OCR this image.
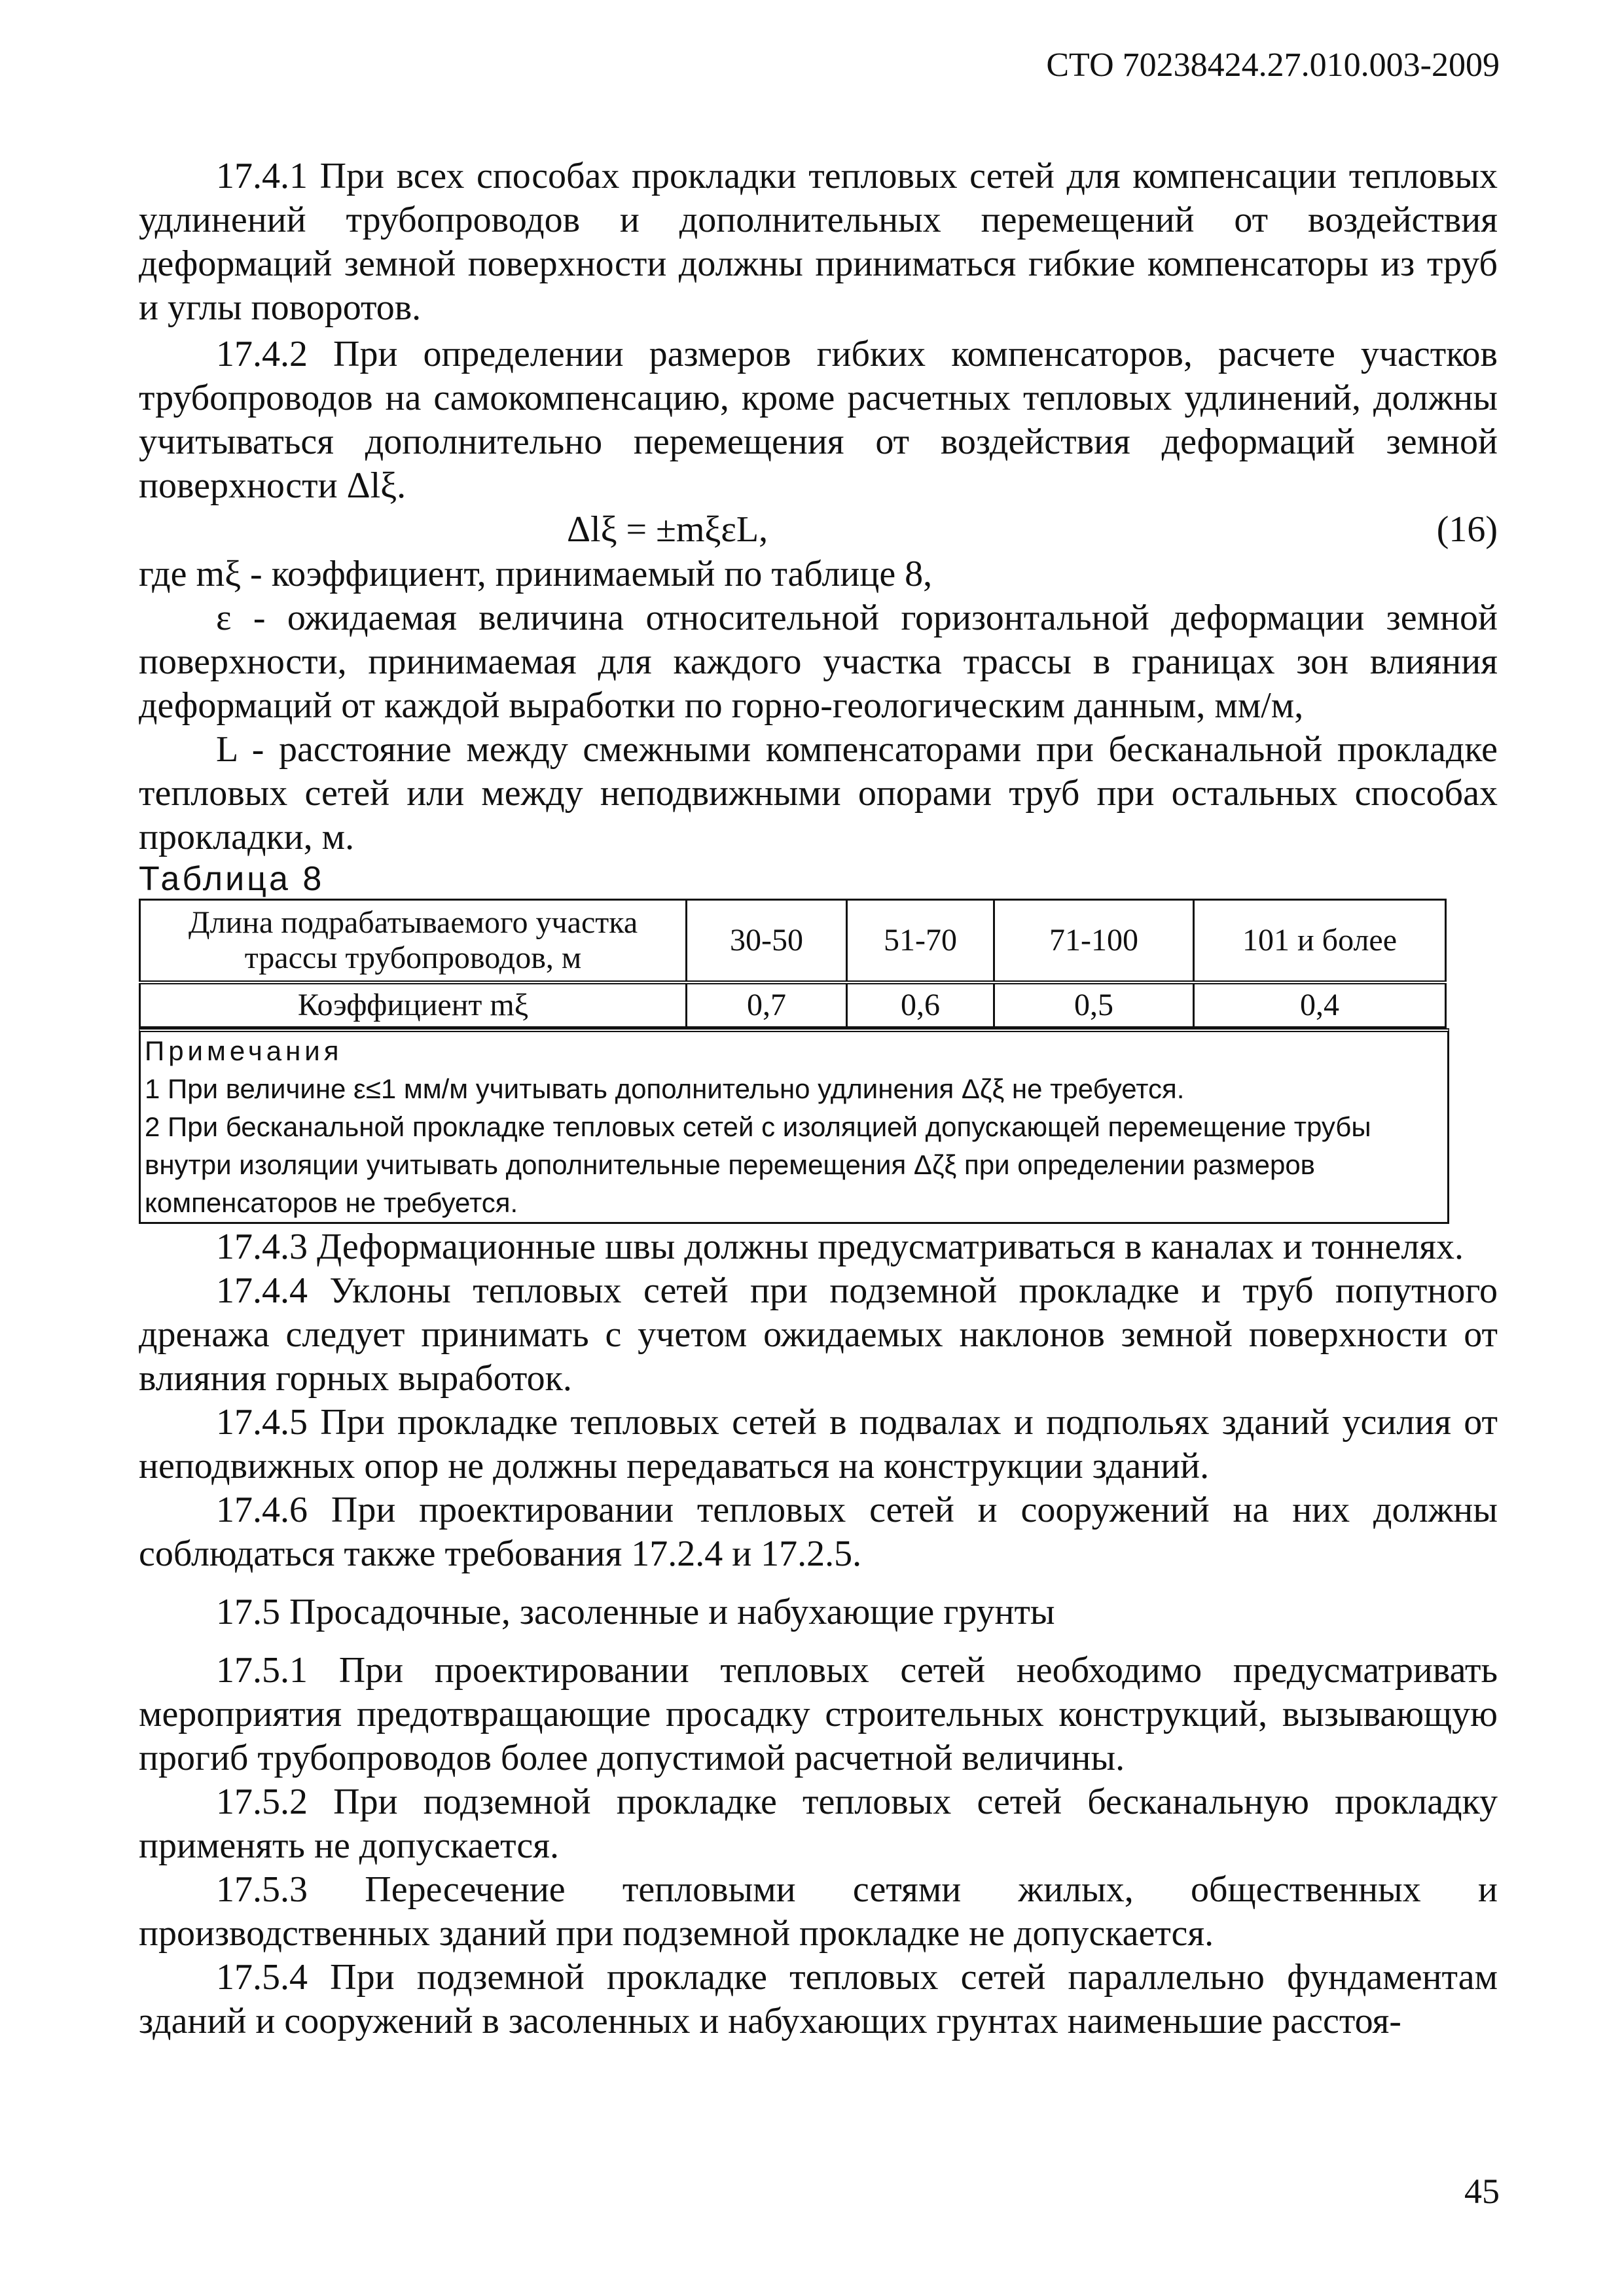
СТО 70238424.27.010.003-2009

17.4.1 При всех способах прокладки тепловых сетей для компенсации тепловых удлинений трубопроводов и дополнительных перемещений от воздействия деформаций земной поверхности должны приниматься гибкие компенсаторы из труб и углы поворотов.

17.4.2 При определении размеров гибких компенсаторов, расчете участков трубопроводов на самокомпенсацию, кроме расчетных тепловых удлинений, должны учитываться дополнительно перемещения от воздействия деформаций земной поверхности Δlξ.

Δlξ = ±mξεL,	(16)

где mξ - коэффициент, принимаемый по таблице 8,

ε - ожидаемая величина относительной горизонтальной деформации земной поверхности, принимаемая для каждого участка трассы в границах зон влияния деформаций от каждой выработки по горно-геологическим данным, мм/м,

L - расстояние между смежными компенсаторами при бесканальной прокладке тепловых сетей или между неподвижными опорами труб при остальных способах прокладки, м.

Таблица 8
Длина подрабатываемого участка трассы трубопроводов, м	30-50	51-70	71-100	101 и более
Коэффициент mξ	0,7	0,6	0,5	0,4
Примечания
1 При величине ε≤1 мм/м учитывать дополнительно удлинения Δζξ не требуется.
2 При бесканальной прокладке тепловых сетей с изоляцией допускающей перемещение трубы внутри изоляции учитывать дополнительные перемещения Δζξ при определении размеров компенсаторов не требуется.

17.4.3 Деформационные швы должны предусматриваться в каналах и тоннелях.

17.4.4 Уклоны тепловых сетей при подземной прокладке и труб попутного дренажа следует принимать с учетом ожидаемых наклонов земной поверхности от влияния горных выработок.

17.4.5 При прокладке тепловых сетей в подвалах и подпольях зданий усилия от неподвижных опор не должны передаваться на конструкции зданий.

17.4.6 При проектировании тепловых сетей и сооружений на них должны соблюдаться также требования 17.2.4 и 17.2.5.

17.5 Просадочные, засоленные и набухающие грунты

17.5.1 При проектировании тепловых сетей необходимо предусматривать мероприятия предотвращающие просадку строительных конструкций, вызывающую прогиб трубопроводов более допустимой расчетной величины.

17.5.2 При подземной прокладке тепловых сетей бесканальную прокладку применять не допускается.

17.5.3 Пересечение тепловыми сетями жилых, общественных и производственных зданий при подземной прокладке не допускается.

17.5.4 При подземной прокладке тепловых сетей параллельно фундаментам зданий и сооружений в засоленных и набухающих грунтах наименьшие расстоя-

45
